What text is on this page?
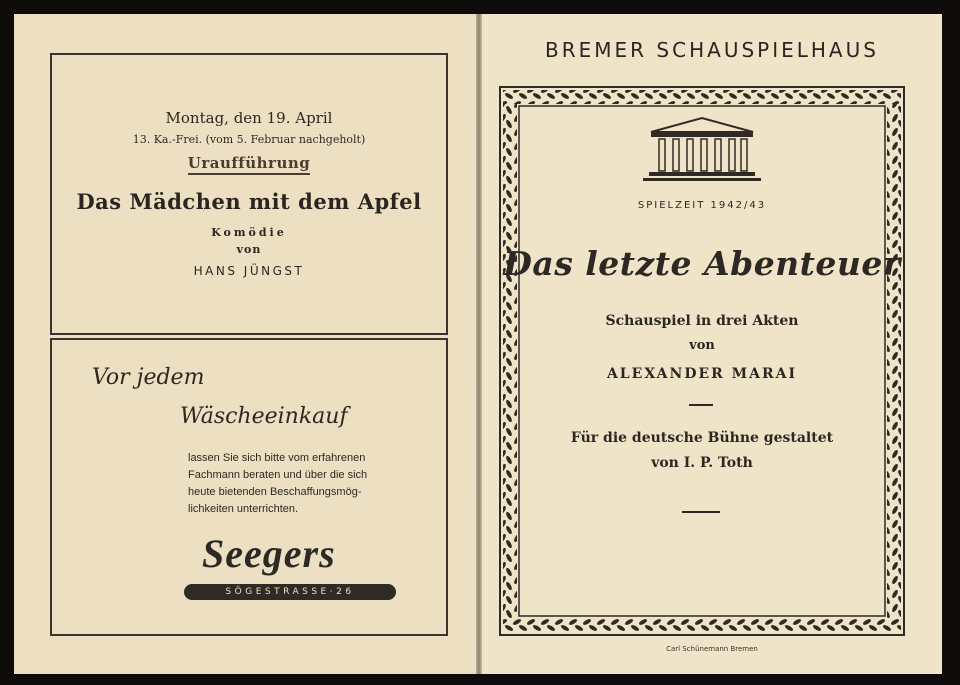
Montag, den 19. April
13. Ka.-Frei. (vom 5. Februar nachgeholt)
Uraufführung
Das Mädchen mit dem Apfel
Komödie
von
HANS JÜNGST
Vor jedem
Wäscheeinkauf
lassen Sie sich bitte vom erfahrenen
Fachmann beraten und über die sich
heute bietenden Beschaffungsmög-
lichkeiten unterrichten.
Seegers
SÖGESTRASSE·26
BREMER SCHAUSPIELHAUS
SPIELZEIT 1942/43
Das letzte Abenteuer
Schauspiel in drei Akten
von
ALEXANDER MARAI
Für die deutsche Bühne gestaltet
von I. P. Toth
Carl Schünemann Bremen
